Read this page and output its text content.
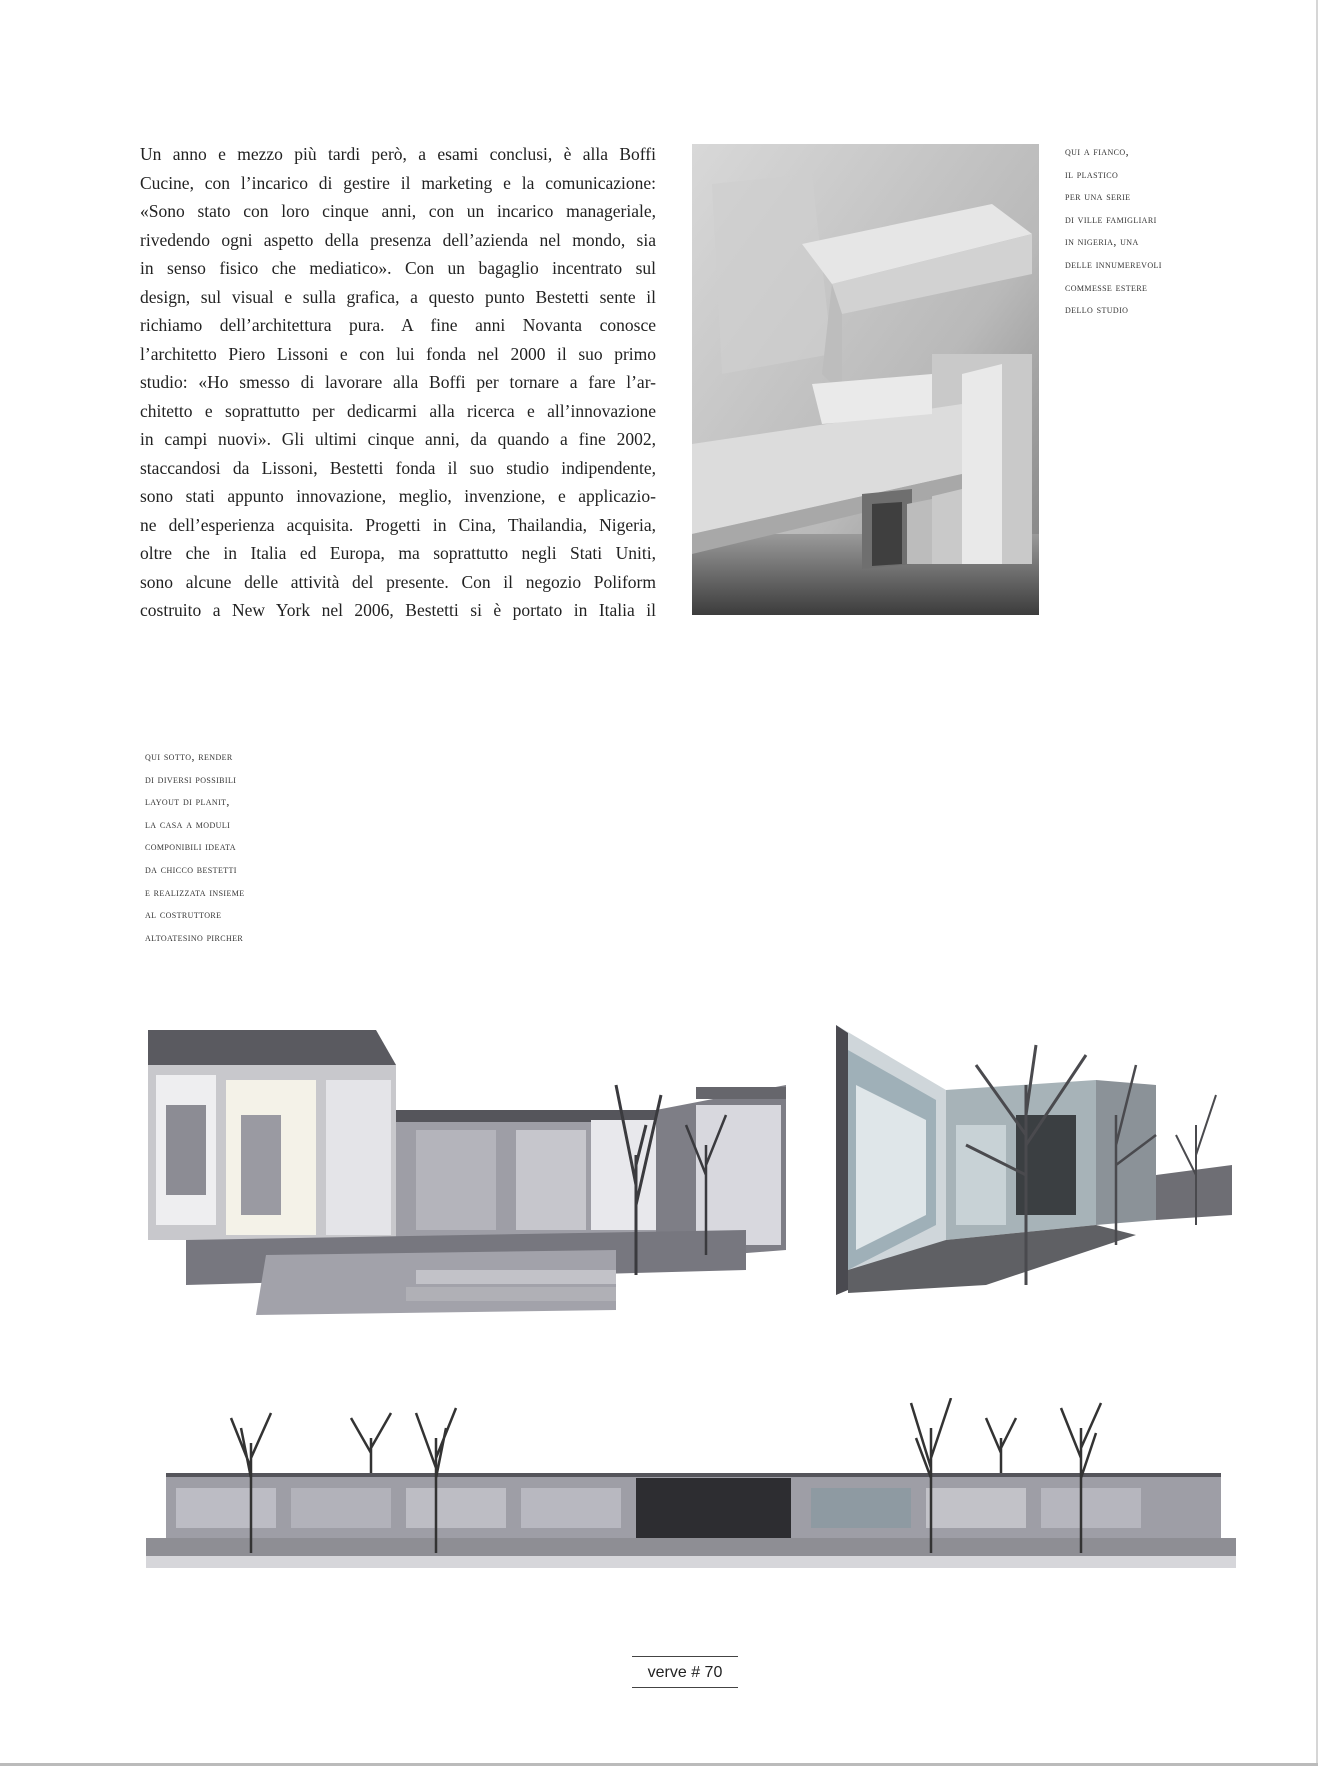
Un anno e mezzo più tardi però, a esami conclusi, è alla Boffi

Cucine, con l’incarico di gestire il marketing e la comunicazione:

«Sono stato con loro cinque anni, con un incarico manageriale,

rivedendo ogni aspetto della presenza dell’azienda nel mondo, sia

in senso fisico che mediatico». Con un bagaglio incentrato sul

design, sul visual e sulla grafica, a questo punto Bestetti sente il

richiamo dell’architettura pura. A fine anni Novanta conosce

l’architetto Piero Lissoni e con lui fonda nel 2000 il suo primo

studio: «Ho smesso di lavorare alla Boffi per tornare a fare l’ar-

chitetto e soprattutto per dedicarmi alla ricerca e all’innovazione

in campi nuovi». Gli ultimi cinque anni, da quando a fine 2002,

staccandosi da Lissoni, Bestetti fonda il suo studio indipendente,

sono stati appunto innovazione, meglio, invenzione, e applicazio-

ne dell’esperienza acquisita. Progetti in Cina, Thailandia, Nigeria,

oltre che in Italia ed Europa, ma soprattutto negli Stati Uniti,

sono alcune delle attività del presente. Con il negozio Poliform

costruito a New York nel 2006, Bestetti si è portato in Italia il

qui a fianco,
il plastico
per una serie
di ville famigliari
in nigeria, una
delle innumerevoli
commesse estere
dello studio
qui sotto, render
di diversi possibili
layout di planit,
la casa a moduli
componibili ideata
da chicco bestetti
e realizzata insieme
al costruttore
altoatesino pircher
verve # 70
